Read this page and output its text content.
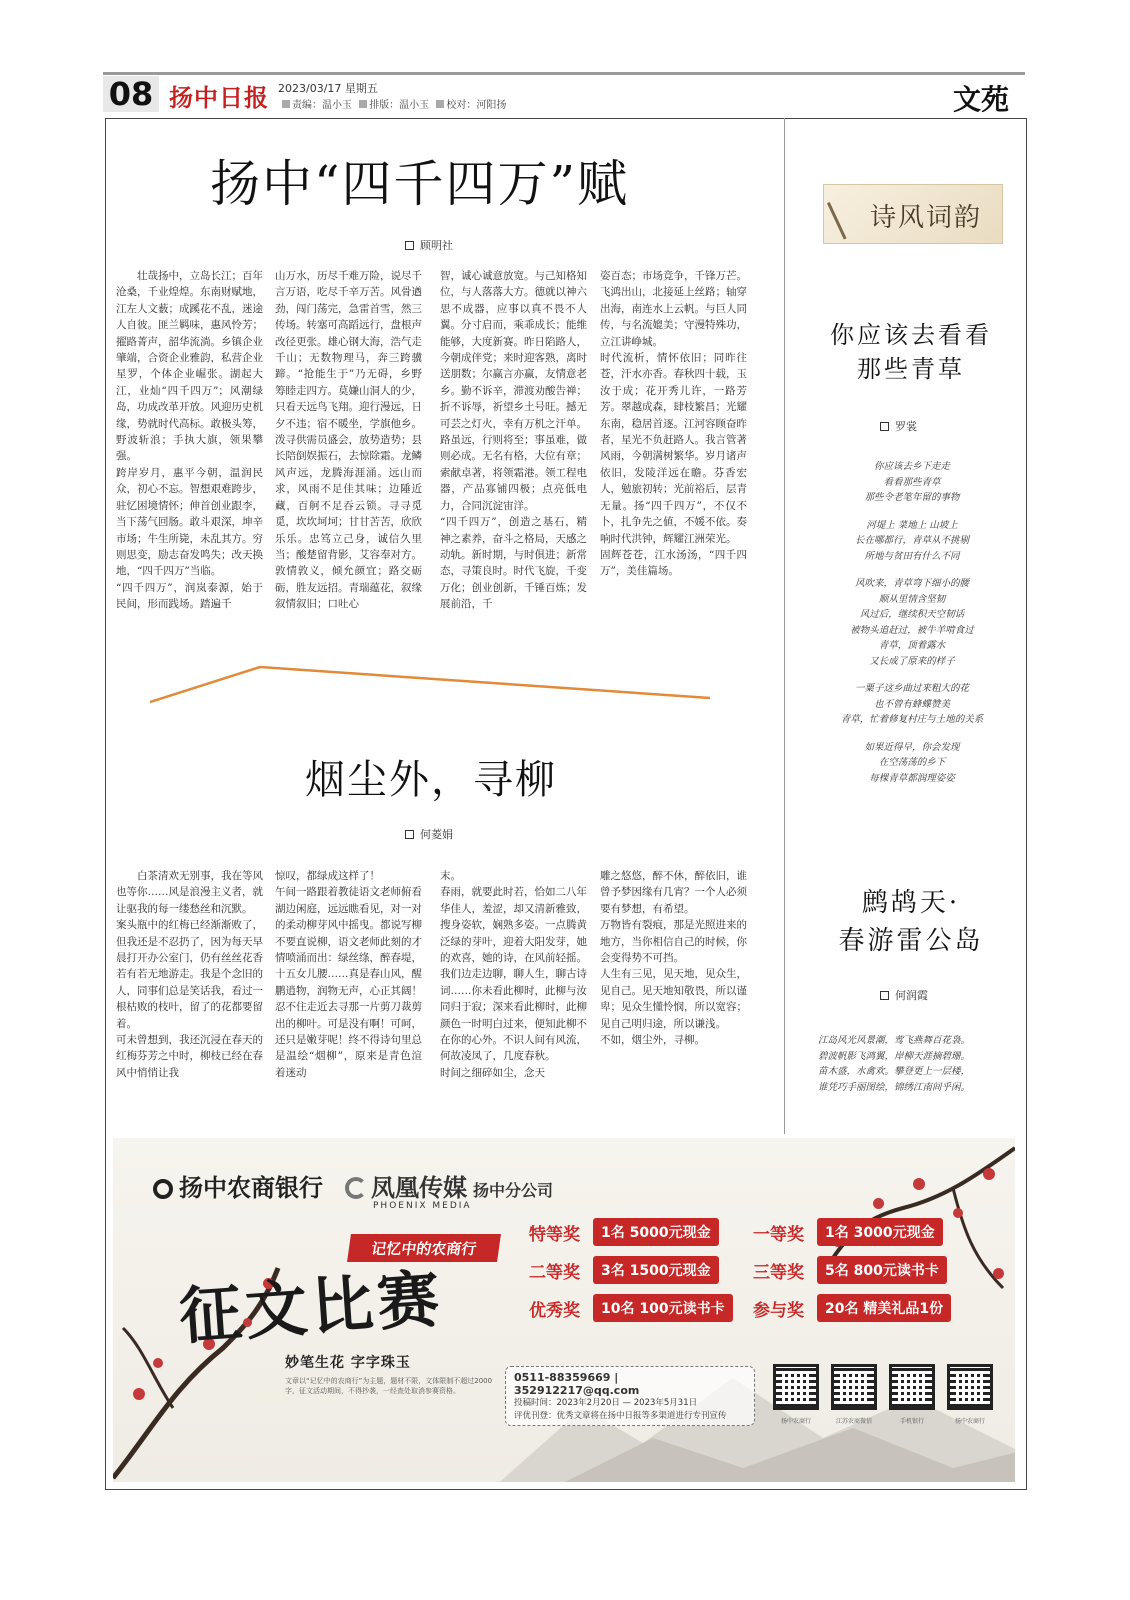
08 扬中日报 2023/03/17 星期五
责编：温小玉 排版：温小玉 校对：河阳扬	文苑
扬中“四千四万”赋
顾明社
壮哉扬中，立岛长江；百年沧桑，千业煌煌。东南财赋地，江左人文薮；成蹊花不乱，迷途人自彼。匪兰羁味，惠风怜芳；擢路菁声，韶华流淌。乡镇企业肇端，合资企业雅韵，私营企业星罗，个体企业崛张。湖起大江，业灿“四千四万”；风潮绿岛，功成改革开放。风迎历史机缘，势就时代高标。敢极头筹，野波斩浪；手执大旗，领果攀强。
跨岸岁月，惠平今朝，温润民众，初心不忘。智想艰难跨步，驻忆困境情怀；伸首创业跟李，当下荡气回肠。敢斗艰深，坤辛市场；牛生所毙，未乱其方。穷则思变，励志奋发鸣失；改天换地，“四千四万”当临。
“四千四万”，润岚泰源，始于民间，形而践场。踏遍千
山万水，历尽千难万险，说尽千言万语，吃尽千辛万苦。风骨遒劲，闯门荡完，急雷首雪，然三传场。转塞可高蹈远行，盘根声改径更张。雄心钢大海，浩气走千山；无数物理马，奔三跨骥蹄。“抢能生于”乃无碍，乡野筹睦走四方。莫嫌山洞人的少，只看天远鸟飞翔。迎行漫远，日夕不违；宿不暖坐，学旗他乡。泼寻供需员盛会，放势造势；县长陪倒娱振石，去惊除霜。龙鳞风声远，龙腾海涯涌。远山而求，风雨不足佳其味；边陲近藏，百舸不足吞云锁。寻寻觅觅，坎坎坷坷；甘甘苦苦，欣欣乐乐。忠笃立己身，诚信久里当；酸楚留背影，艾容奉对方。敦情敦义，倾允颜宜；路交砺砺，胜友远招。青瑞蕴花，叙缘叙情叙旧；口吐心
智，诚心诚意放宽。与己知格知位，与人落落大方。德就以神六思不成器，应事以真不畏不人翼。分寸启而，乘乖成长；能维能够，大度新赛。昨日陷路人，今朝成伴党；来时迎客熟，离时送朋数；尔赢言亦赢，友情意老乡。勤不诉辛，滞渡劝酸告禅；折不诉辱，祈望乡土号旺。撼无可芸之灯火，幸有万机之汗单。路虽远，行则将至；事虽难，做则必成。无名有格，大位有章；索献卓著，将领霜港。领工程电器，产品寡铺四极；点亮低电力，合同沉淀宙洋。
“四千四万”，创造之基石，精神之素养，奋斗之格局，天感之动轨。新时期，与时俱进；新常态，寻策良时。时代飞旋，千变万化；创业创新，千锤百炼；发展前沿，千
姿百态；市场竞争，千锋万芒。飞鸿出山，北接延上丝路；轴穿出海，南连水上云帆。与巨人同传，与名流媲美；守漫特殊功，立江讲峥城。
时代流析，情怀依旧；同昨往苍，汗水亦香。春秋四十载，玉汝于成；花开秀儿许，一路芳芳。翠越成森，肆枝繁昌；光耀东南，稳居首逐。江河容顾奋昨者，星光不负赶路人。我言管著风雨，今朝满树繁华。岁月诸声依旧，发陵洋远在瞻。芬香宏人，勉旅初转；光前裕后，层青无量。扬“四千四万”，不仅不卜，扎争先之値，不媛不依。奏响时代洪钟，辉耀江洲荣光。
固辉苍苍，江水汤汤，“四千四万”，美佳篇场。
烟尘外，寻柳
何菱娟
白茶清欢无别事，我在等风也等你……风是浪漫主义者，就让驱我的每一缕愁丝和沉默。
案头瓶中的红梅已经渐渐败了，但我还是不忍扔了，因为每天早晨打开办公室门，仍有丝丝花香若有若无地游走。我是个念旧的人，同事们总是笑话我，看过一根枯败的枝叶，留了的花都要留着。
可未曾想到，我还沉浸在春天的红梅芬芳之中时，柳枝已经在春风中悄悄让我
惊叹，都绿成这样了！
午间一路跟着教徒语文老师俯看湖边闲庭，远远瞧看见，对一对的柔动柳芽风中摇曳。都说写柳不要直说柳，语文老师此刻的才情喷涌而出：绿丝绦，醉春堤，十五女儿腰……真是春山风，醒鹏逍物，润物无声，心正其阔！
忍不住走近去寻那一片剪刀裁剪出的柳叶。可是没有啊！可呵，还只是嫩芽呢！终不得诗句里总是温绘“烟柳”，原来是青色渲着迷动
末。
春雨，就要此时若，恰如二八年华佳人，羞涩，却又清新雅致，搜身姿软，娴熟多姿。一点腾黄泛绿的芽叶，迎着大阳发芽，她的欢喜，她的诗，在风前轻摇。
我们边走边聊，聊人生，聊古诗词……你未看此柳时，此柳与汝同归于寂；深来看此柳时，此柳颜色一时明白过来，便知此柳不在你的心外。不识人间有风流，何故凌凤了，几度春秋。
时间之细碎如尘，念天
雕之悠悠，醉不休，醉依旧，谁曾予梦因缘有几宵？一个人必须要有梦想，有希望。
万物皆有裂痕，那是光照进来的地方，当你相信自己的时候，你会变得势不可挡。
人生有三见，见天地，见众生，见自己。见天地知敬畏，所以谨卑；见众生懂怜悯，所以宽容；见自己明归途，所以谦浅。
不如，烟尘外，寻柳。
诗风词韵
你应该去看看
那些青草
罗裳

你应该去乡下走走

看看那些青草

那些令老笔年留的事物

河堤上 菜地上 山坡上

长在哪都行，青草从不挑剔

所地与贫田有什么不同

风吹来，青草弯下细小的腰

顺从里情含坚韧

风过后，继续积天空韧话

被物头追赶过，被牛羊啃食过

青草，顶着露水

又长成了原来的样子

一粟子这乡曲过来粗大的花

也不曾有蜂蝶赞美

青草，忙着修复村庄与土地的关系

如果近得早，你会发现

在空荡荡的乡下

每棵青草都润理姿姿

鹧鸪天·
春游雷公岛
何润霞

江岛风光风景潮，莺飞燕舞百花袅。

碧波帆影飞鸿翼，岸柳天涯摘碧珊。

苗木盛，水禽欢。攀登更上一层楼，

谁凭巧手丽图绘，锦绣江南间乎闲。

扬中农商银行	凤凰传媒 扬中分公司
PHOENIX MEDIA
记忆中的农商行
征文比赛
妙笔生花 字字珠玉
文章以“记忆中的农商行”为主题，题材不限，文体限制不超过2000字，征文活动期间，不得抄袭，一经查处取消参赛资格。
特等奖	1名 5000元现金	一等奖	1名 3000元现金
二等奖	3名 1500元现金	三等奖	5名 800元读书卡
优秀奖	10名 100元读书卡	参与奖	20名 精美礼品1份
0511-88359669 | 352912217@qq.com
投稿时间：2023年2月20日 — 2023年5月31日
评优刊登：优秀文章将在扬中日报等多渠道进行专刊宣传
扬中农商行	江苏农商微信	手机银行	扬中农商行
